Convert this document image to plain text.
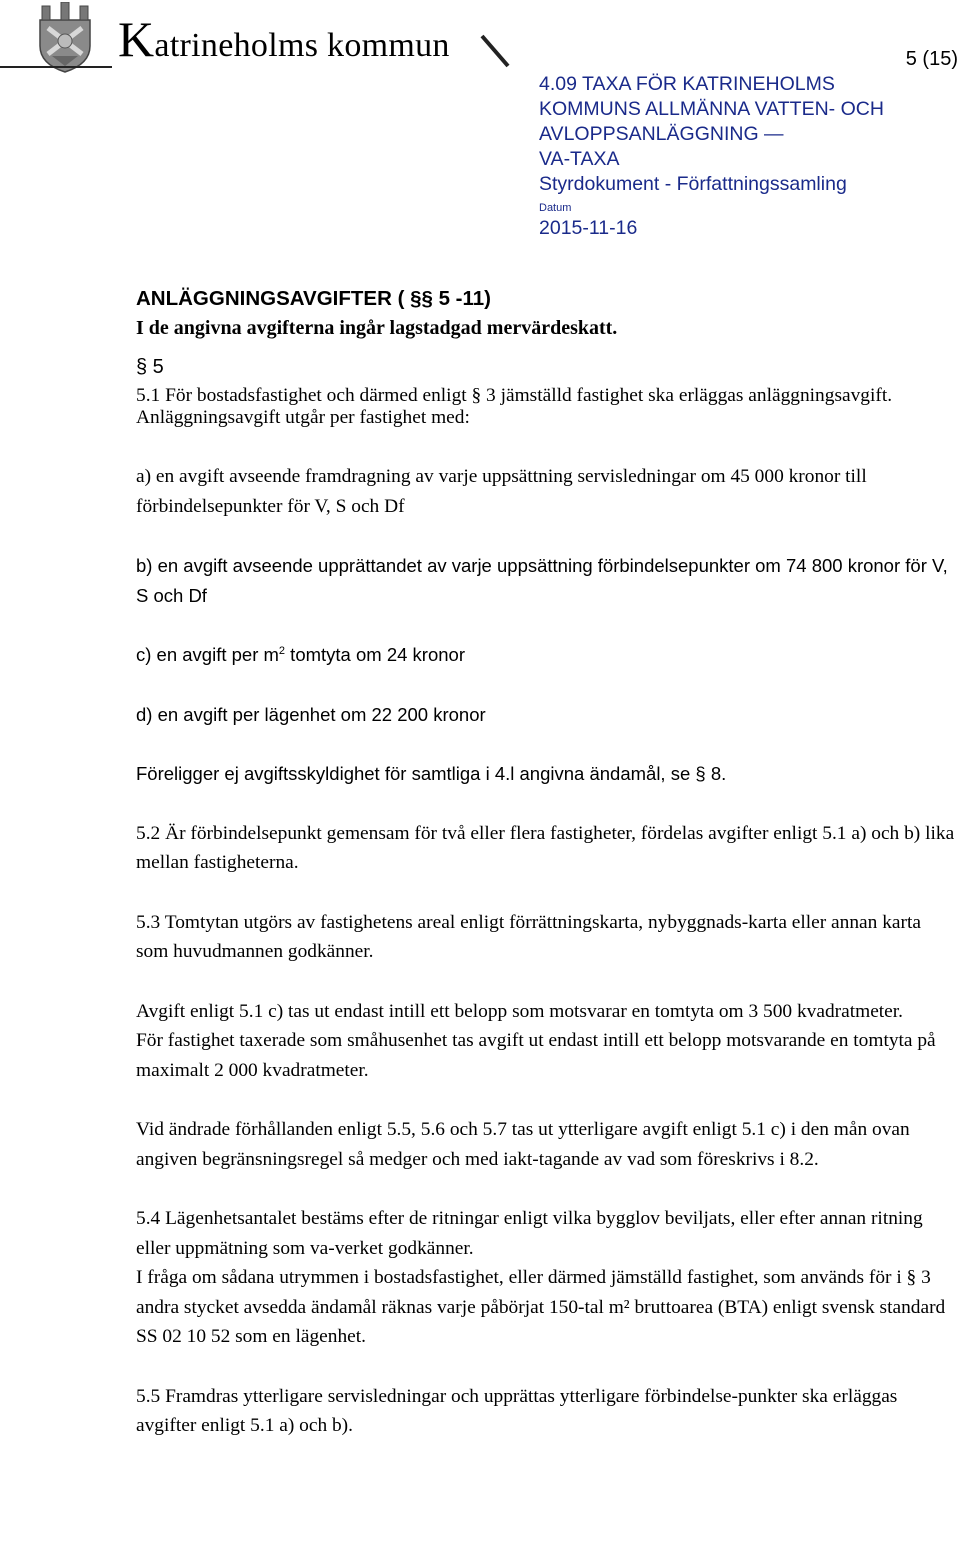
Katrineholms kommun	5 (15)
4.09 TAXA FÖR KATRINEHOLMS
KOMMUNS ALLMÄNNA VATTEN- OCH
AVLOPPSANLÄGGNING —
VA-TAXA
Styrdokument - Författningssamling
Datum
2015-11-16

ANLÄGGNINGSAVGIFTER ( §§ 5 -11)

I de angivna avgifterna ingår lagstadgad mervärdeskatt.

§ 5

5.1 För bostadsfastighet och därmed enligt § 3 jämställd fastighet ska erläggas anläggningsavgift.

Anläggningsavgift utgår per fastighet med:

a) en avgift avseende framdragning av varje uppsättning servisledningar om 45 000 kronor till förbindelsepunkter för V, S och Df

b) en avgift avseende upprättandet av varje uppsättning förbindelsepunkter om 74 800 kronor för V, S och Df

c) en avgift per $m^2$ tomtyta om 24 kronor

d) en avgift per lägenhet om 22 200 kronor

Föreligger ej avgiftsskyldighet för samtliga i 4.l angivna ändamål, se § 8.

5.2 Är förbindelsepunkt gemensam för två eller flera fastigheter, fördelas avgifter enligt 5.1 a) och b) lika mellan fastigheterna.

5.3 Tomtytan utgörs av fastighetens areal enligt förrättningskarta, nybyggnads-karta eller annan karta som huvudmannen godkänner.

Avgift enligt 5.1 c) tas ut endast intill ett belopp som motsvarar en tomtyta om 3 500 kvadratmeter.

För fastighet taxerade som småhusenhet tas avgift ut endast intill ett belopp motsvarande en tomtyta på maximalt 2 000 kvadratmeter.

Vid ändrade förhållanden enligt 5.5, 5.6 och 5.7 tas ut ytterligare avgift enligt 5.1 c) i den mån ovan angiven begränsningsregel så medger och med iakt-tagande av vad som föreskrivs i 8.2.

5.4 Lägenhetsantalet bestäms efter de ritningar enligt vilka bygglov beviljats, eller efter annan ritning eller uppmätning som va-verket godkänner.

I fråga om sådana utrymmen i bostadsfastighet, eller därmed jämställd fastighet, som används för i § 3 andra stycket avsedda ändamål räknas varje påbörjat 150-tal m² bruttoarea (BTA) enligt svensk standard SS 02 10 52 som en lägenhet.

5.5 Framdras ytterligare servisledningar och upprättas ytterligare förbindelse-punkter ska erläggas avgifter enligt 5.1 a) och b).
